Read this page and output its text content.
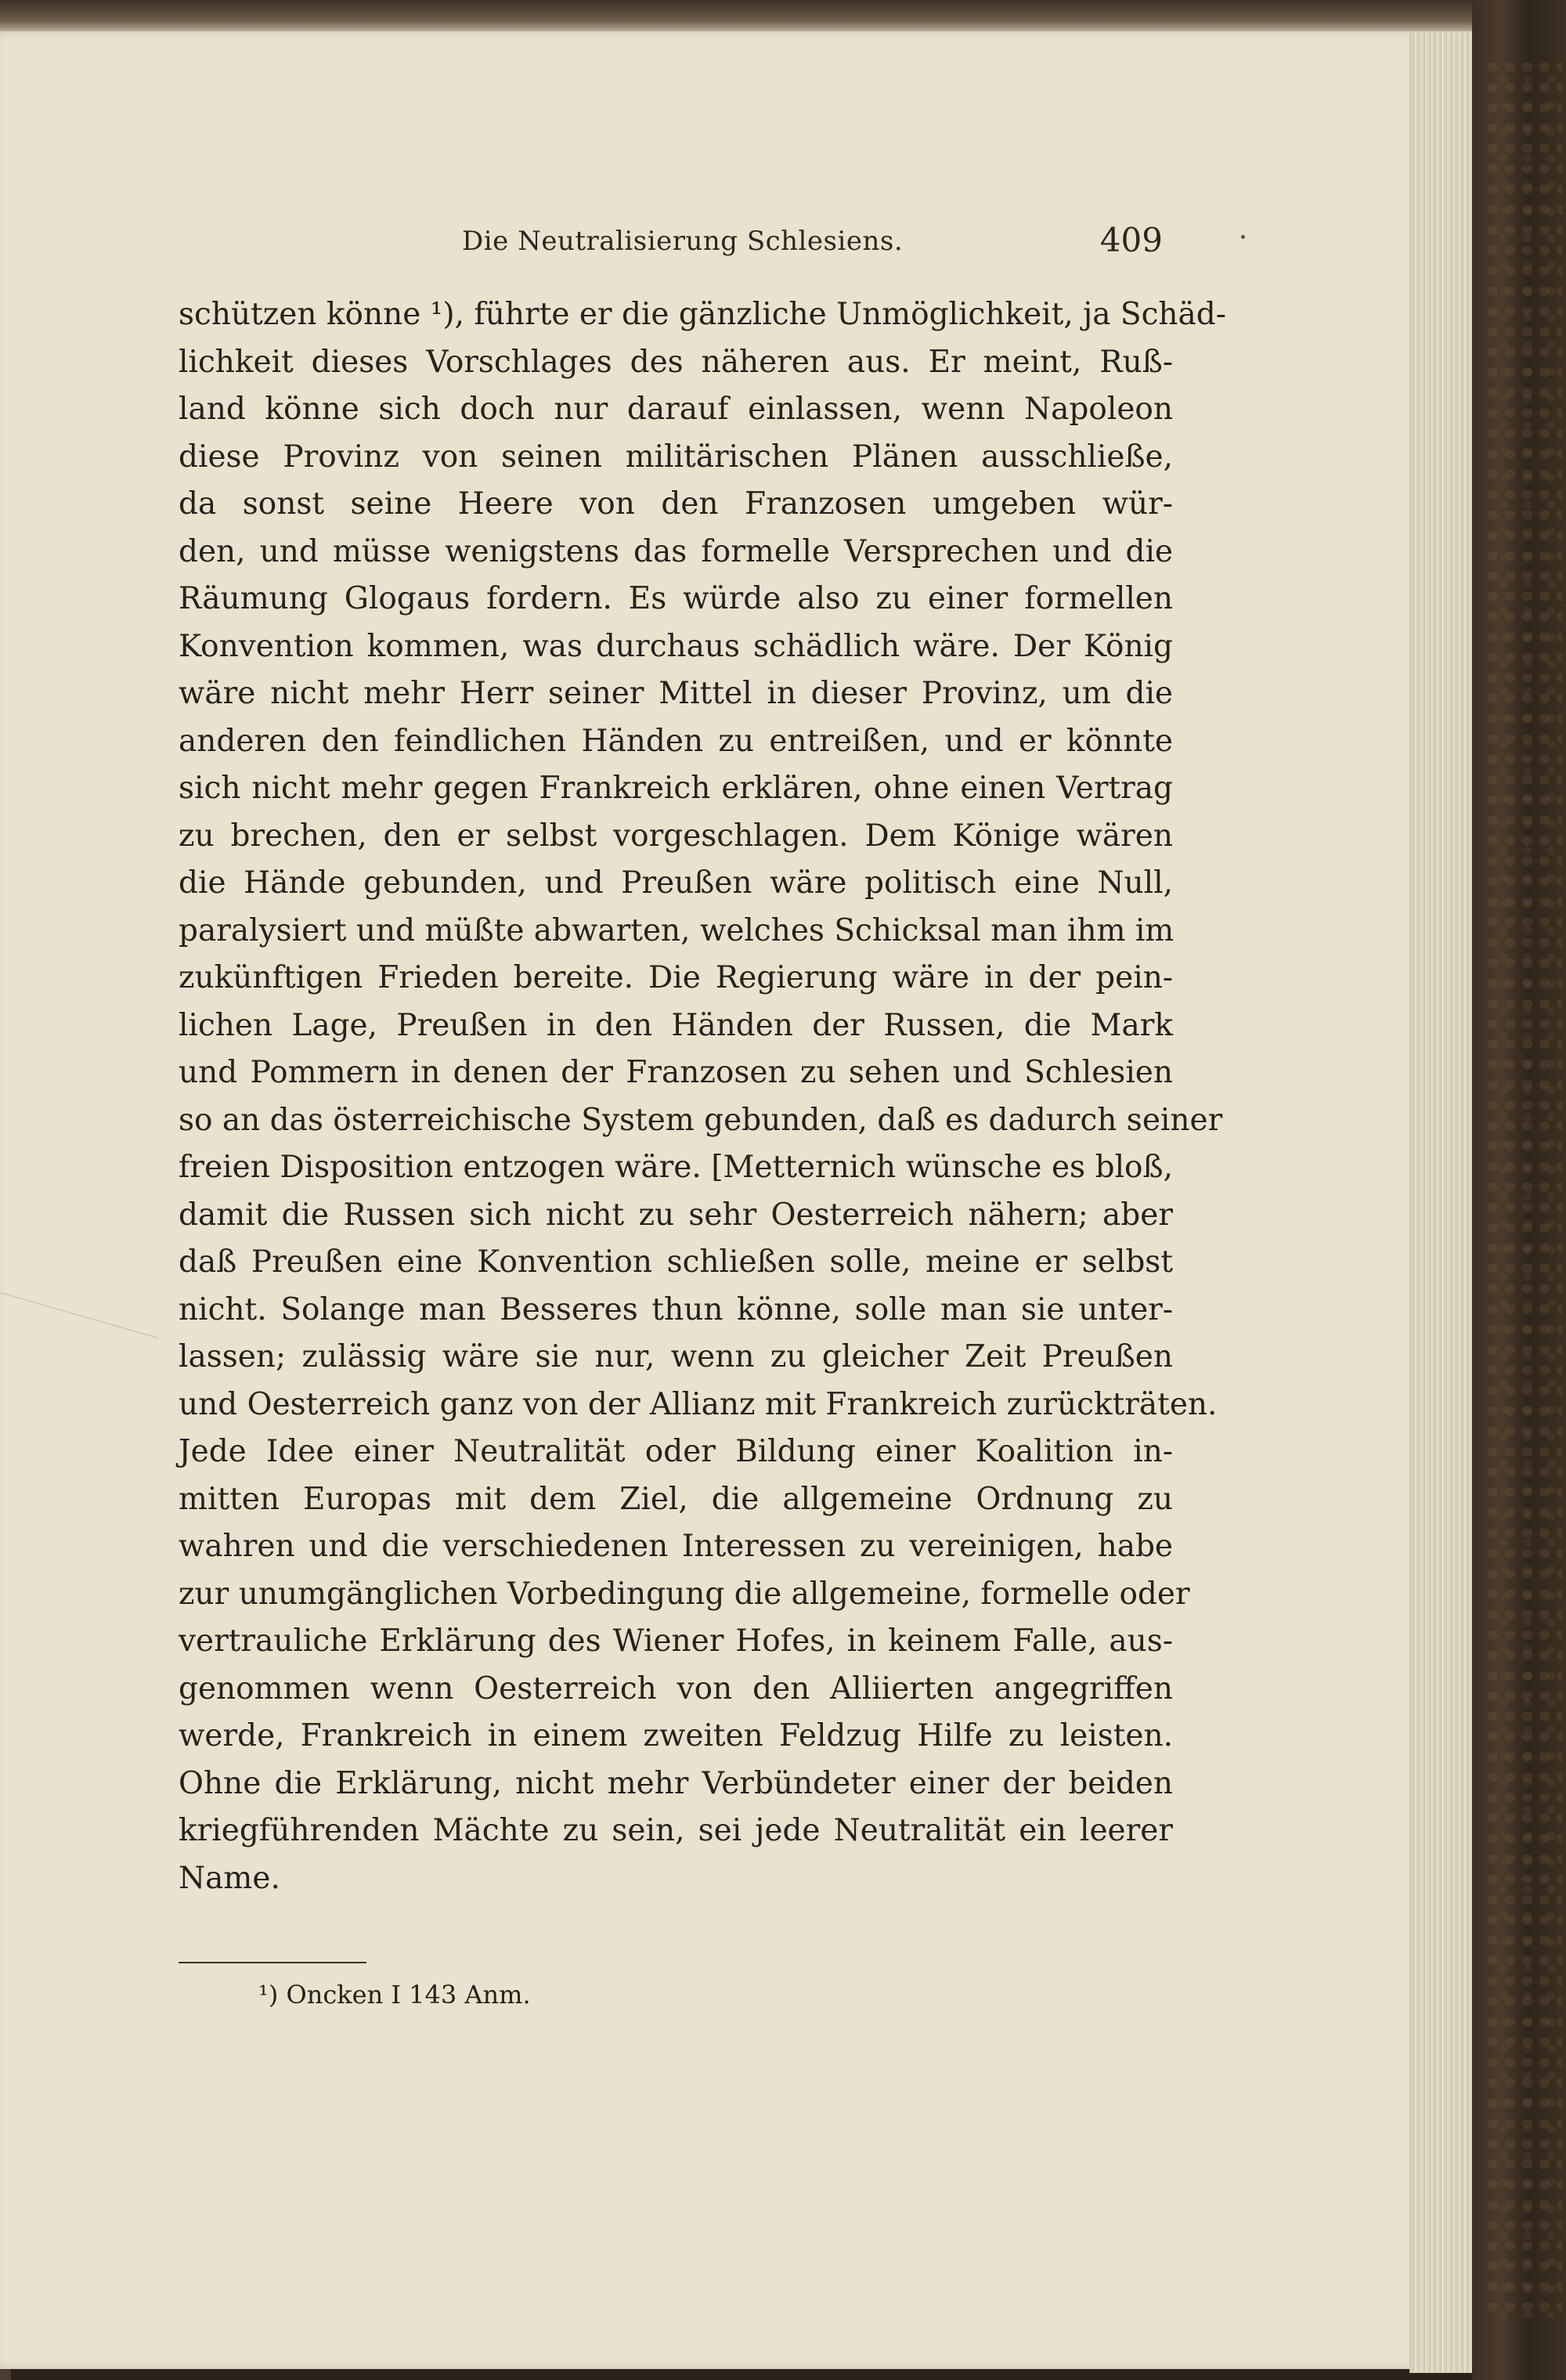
Die Neutralisierung Schlesiens.	409
schützen könne ¹), führte er die gänzliche Unmöglichkeit, ja Schäd-
lichkeit dieses Vorschlages des näheren aus. Er meint, Ruß-
land könne sich doch nur darauf einlassen, wenn Napoleon
diese Provinz von seinen militärischen Plänen ausschließe,
da sonst seine Heere von den Franzosen umgeben wür-
den, und müsse wenigstens das formelle Versprechen und die
Räumung Glogaus fordern. Es würde also zu einer formellen
Konvention kommen, was durchaus schädlich wäre. Der König
wäre nicht mehr Herr seiner Mittel in dieser Provinz, um die
anderen den feindlichen Händen zu entreißen, und er könnte
sich nicht mehr gegen Frankreich erklären, ohne einen Vertrag
zu brechen, den er selbst vorgeschlagen. Dem Könige wären
die Hände gebunden, und Preußen wäre politisch eine Null,
paralysiert und müßte abwarten, welches Schicksal man ihm im
zukünftigen Frieden bereite. Die Regierung wäre in der pein-
lichen Lage, Preußen in den Händen der Russen, die Mark
und Pommern in denen der Franzosen zu sehen und Schlesien
so an das österreichische System gebunden, daß es dadurch seiner
freien Disposition entzogen wäre. [Metternich wünsche es bloß,
damit die Russen sich nicht zu sehr Oesterreich nähern; aber
daß Preußen eine Konvention schließen solle, meine er selbst
nicht. Solange man Besseres thun könne, solle man sie unter-
lassen; zulässig wäre sie nur, wenn zu gleicher Zeit Preußen
und Oesterreich ganz von der Allianz mit Frankreich zurückträten.
Jede Idee einer Neutralität oder Bildung einer Koalition in-
mitten Europas mit dem Ziel, die allgemeine Ordnung zu
wahren und die verschiedenen Interessen zu vereinigen, habe
zur unumgänglichen Vorbedingung die allgemeine, formelle oder
vertrauliche Erklärung des Wiener Hofes, in keinem Falle, aus-
genommen wenn Oesterreich von den Alliierten angegriffen
werde, Frankreich in einem zweiten Feldzug Hilfe zu leisten.
Ohne die Erklärung, nicht mehr Verbündeter einer der beiden
kriegführenden Mächte zu sein, sei jede Neutralität ein leerer
Name.
¹) Oncken I 143 Anm.
